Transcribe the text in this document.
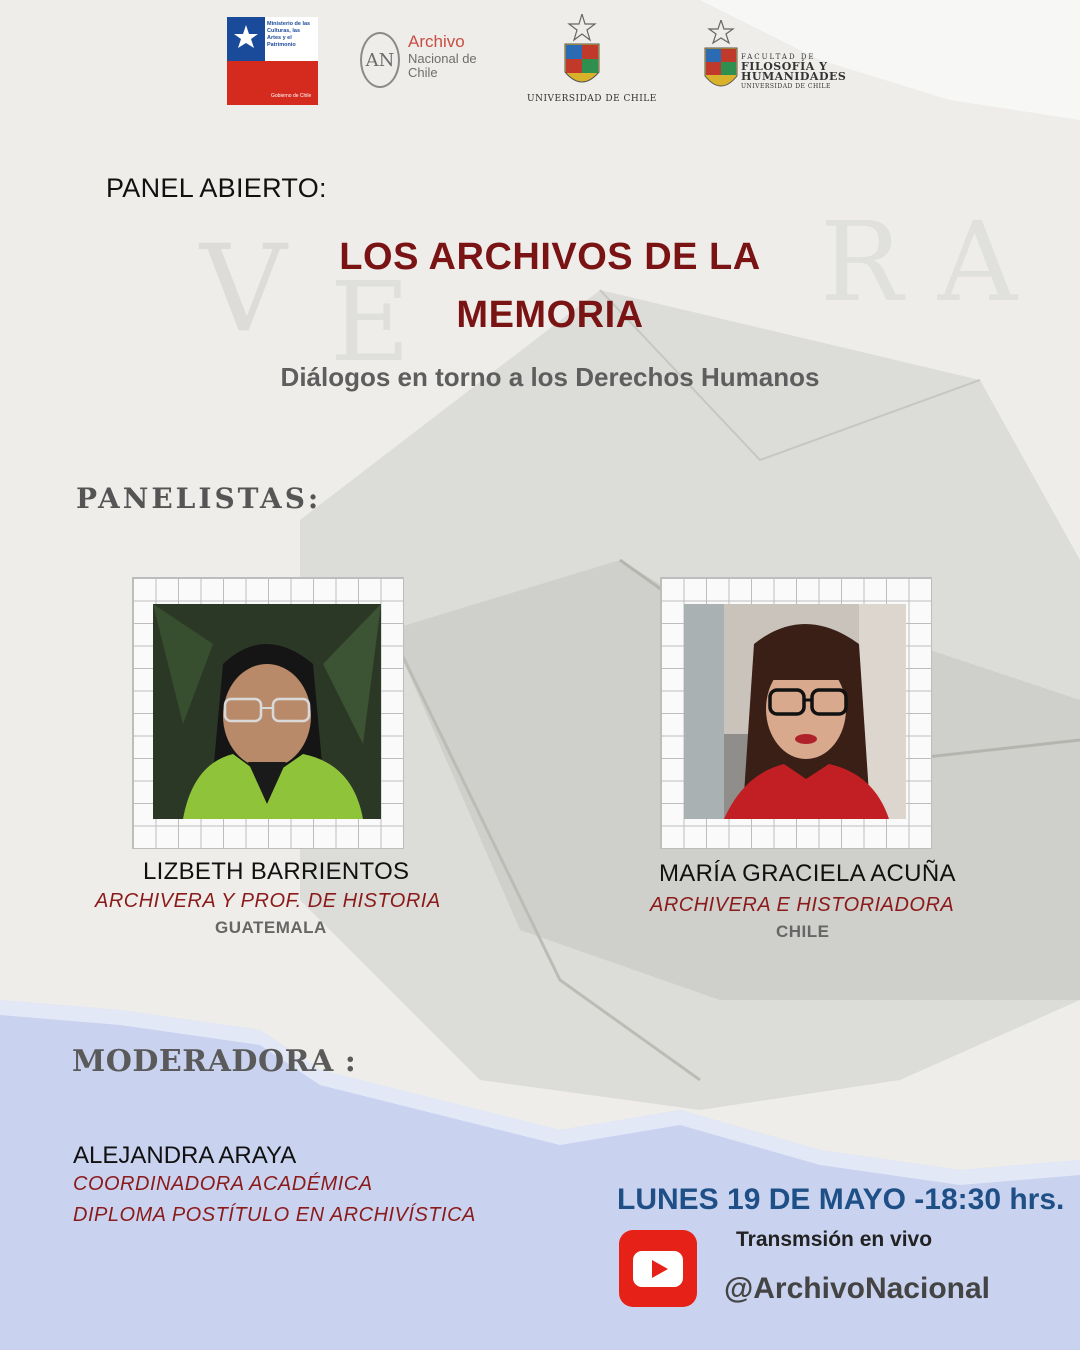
V E	R A
Ministerio de las Culturas, las Artes y el Patrimonio
Gobierno de Chile
AN
Archivo
Nacional de Chile
UNIVERSIDAD DE CHILE
FACULTAD DE
FILOSOFÍA Y
HUMANIDADES
UNIVERSIDAD DE CHILE
PANEL ABIERTO:
LOS ARCHIVOS DE LA
MEMORIA
Diálogos en torno a los Derechos Humanos
PANELISTAS:
LIZBETH BARRIENTOS
ARCHIVERA Y PROF. DE HISTORIA
GUATEMALA
MARÍA GRACIELA ACUÑA
ARCHIVERA E HISTORIADORA
CHILE
MODERADORA :
ALEJANDRA ARAYA
COORDINADORA ACADÉMICA
DIPLOMA POSTÍTULO EN ARCHIVÍSTICA	LUNES 19 DE MAYO -18:30 hrs.
Transmsión en vivo
@ArchivoNacional
